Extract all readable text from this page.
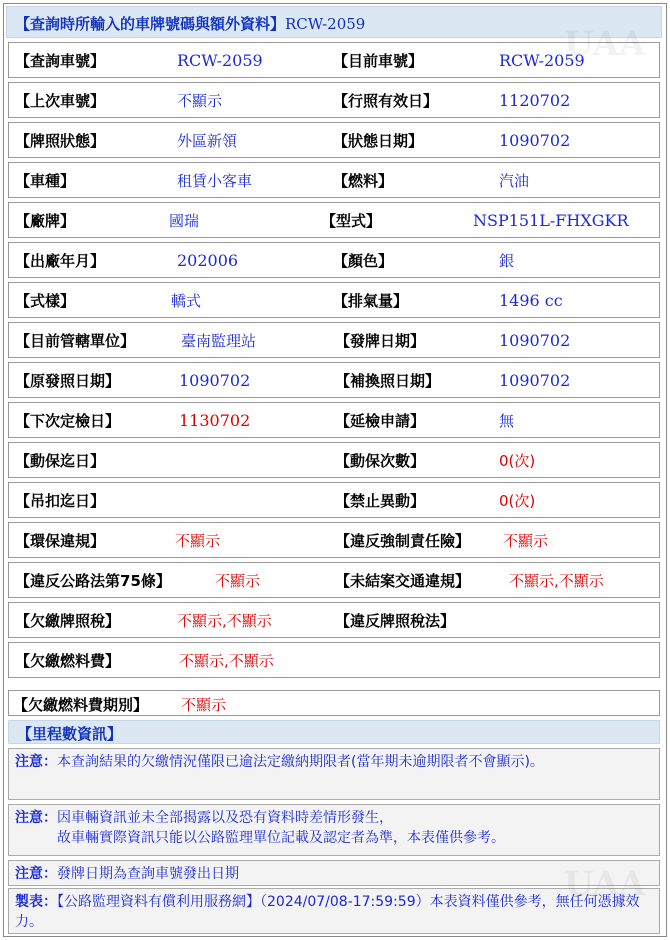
【查詢時所輸入的車牌號碼與額外資料】RCW-2059
【查詢車號】	RCW-2059	【目前車號】	RCW-2059
【上次車號】	不顯示	【行照有效日】	1120702
【牌照狀態】	外區新領	【狀態日期】	1090702
【車種】	租賃小客車	【燃料】	汽油
【廠牌】	國瑞	【型式】	NSP151L-FHXGKR
【出廠年月】	202006	【顏色】	銀
【式樣】	轎式	【排氣量】	1496 cc
【目前管轄單位】	臺南監理站	【發牌日期】	1090702
【原發照日期】	1090702	【補換照日期】	1090702
【下次定檢日】	1130702	【延檢申請】	無
【動保迄日】	【動保次數】	0(次)
【吊扣迄日】	【禁止異動】	0(次)
【環保違規】	不顯示	【違反強制責任險】 不顯示
【違反公路法第75條】	不顯示	【未結案交通違規】	不顯示,不顯示
【欠繳牌照稅】	不顯示,不顯示	【違反牌照稅法】
【欠繳燃料費】	不顯示,不顯示
【欠繳燃料費期別】 不顯示
【里程數資訊】
注意：本查詢結果的欠繳情況僅限已逾法定繳納期限者(當年期未逾期限者不會顯示)。
注意：因車輛資訊並未全部揭露以及恐有資料時差情形發生，
故車輛實際資訊只能以公路監理單位記載及認定者為準，本表僅供參考。
注意：發牌日期為查詢車號發出日期
製表：【公路監理資料有償利用服務網】（2024/07/08-17:59:59）本表資料僅供參考，無任何憑據效力。
UAA
UAA
